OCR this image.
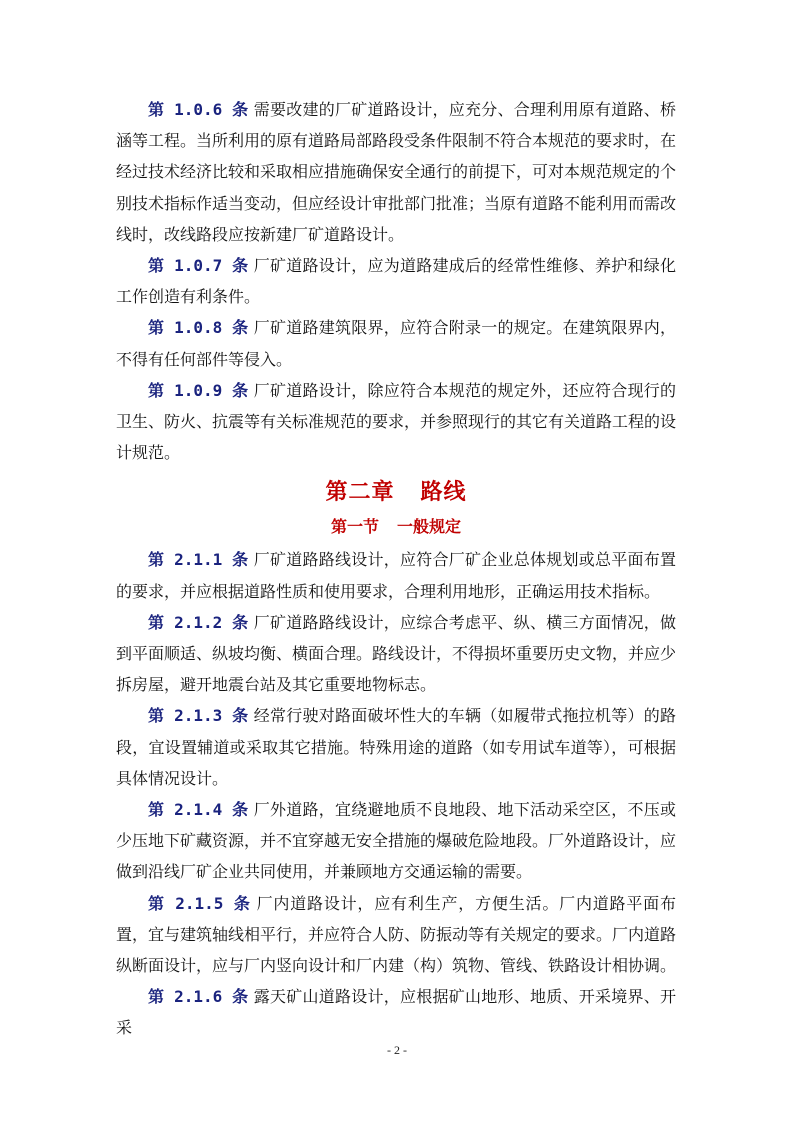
第 1.0.6 条 需要改建的厂矿道路设计，应充分、合理利用原有道路、桥涵等工程。当所利用的原有道路局部路段受条件限制不符合本规范的要求时，在经过技术经济比较和采取相应措施确保安全通行的前提下，可对本规范规定的个别技术指标作适当变动，但应经设计审批部门批准；当原有道路不能利用而需改线时，改线路段应按新建厂矿道路设计。

第 1.0.7 条 厂矿道路设计，应为道路建成后的经常性维修、养护和绿化工作创造有利条件。

第 1.0.8 条 厂矿道路建筑限界，应符合附录一的规定。在建筑限界内，不得有任何部件等侵入。

第 1.0.9 条 厂矿道路设计，除应符合本规范的规定外，还应符合现行的卫生、防火、抗震等有关标准规范的要求，并参照现行的其它有关道路工程的设计规范。

第二章 路线
第一节 一般规定

第 2.1.1 条 厂矿道路路线设计，应符合厂矿企业总体规划或总平面布置的要求，并应根据道路性质和使用要求，合理利用地形，正确运用技术指标。

第 2.1.2 条 厂矿道路路线设计，应综合考虑平、纵、横三方面情况，做到平面顺适、纵坡均衡、横面合理。路线设计，不得损坏重要历史文物，并应少拆房屋，避开地震台站及其它重要地物标志。

第 2.1.3 条 经常行驶对路面破坏性大的车辆（如履带式拖拉机等）的路段，宜设置辅道或采取其它措施。特殊用途的道路（如专用试车道等），可根据具体情况设计。

第 2.1.4 条 厂外道路，宜绕避地质不良地段、地下活动采空区，不压或少压地下矿藏资源，并不宜穿越无安全措施的爆破危险地段。厂外道路设计，应做到沿线厂矿企业共同使用，并兼顾地方交通运输的需要。

第 2.1.5 条 厂内道路设计，应有利生产，方便生活。厂内道路平面布置，宜与建筑轴线相平行，并应符合人防、防振动等有关规定的要求。厂内道路纵断面设计，应与厂内竖向设计和厂内建（构）筑物、管线、铁路设计相协调。

第 2.1.6 条 露天矿山道路设计，应根据矿山地形、地质、开采境界、开采

- 2 -
